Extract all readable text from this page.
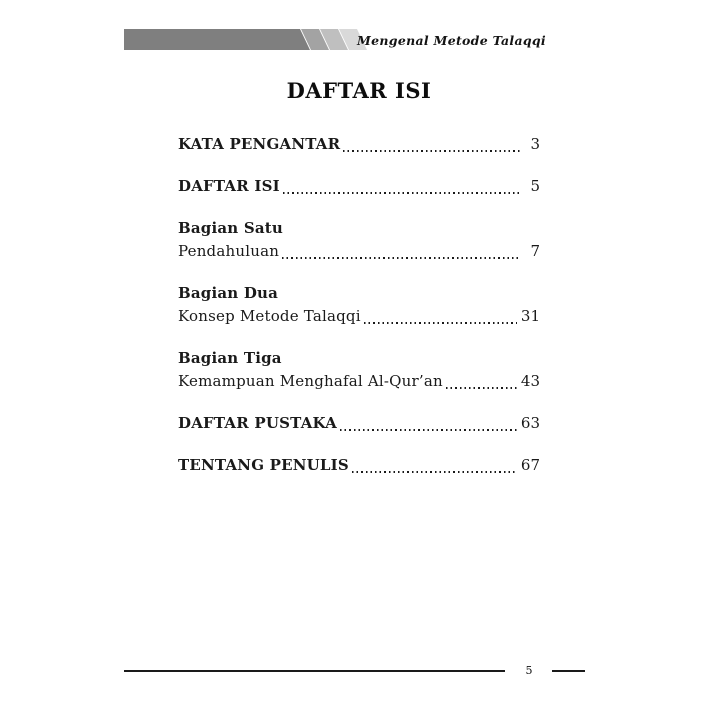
Mengenal Metode Talaqqi
DAFTAR ISI
KATA PENGANTAR	3
DAFTAR ISI	5
Bagian Satu
Pendahuluan	7
Bagian Dua
Konsep Metode Talaqqi	31
Bagian Tiga
Kemampuan Menghafal Al-Qur’an	43
DAFTAR PUSTAKA	63
TENTANG PENULIS	67
5
